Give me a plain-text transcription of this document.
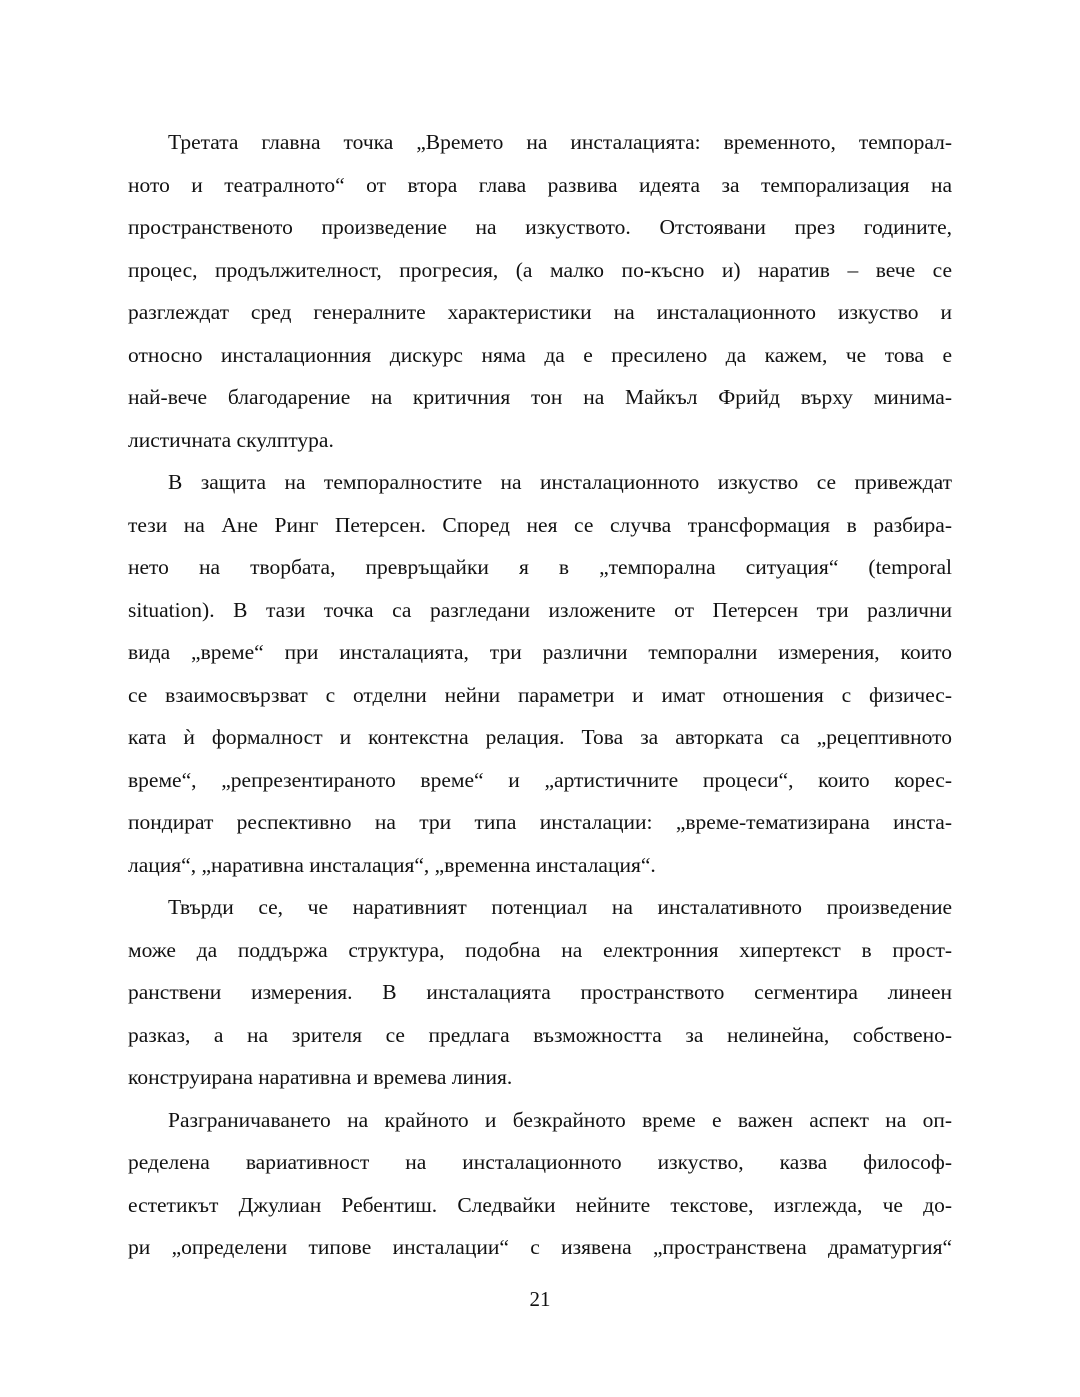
Третата главна точка „Времето на инсталацията: временното, темпорал-
ното и театралното“ от втора глава развива идеята за темпорализация на
пространственото произведение на изкуството. Отстоявани през годините,
процес, продължителност, прогресия, (а малко по-късно и) наратив – вече се
разглеждат сред генералните характеристики на инсталационното изкуство и
относно инсталационния дискурс няма да е пресилено да кажем, че това е
най-вече благодарение на критичния тон на Майкъл Фрийд върху минима-
листичната скулптура.
В защита на темпоралностите на инсталационното изкуство се привеждат
тези на Ане Ринг Петерсен. Според нея се случва трансформация в разбира-
нето на творбата, превръщайки я в „темпорална ситуация“ (temporal
situation). В тази точка са разгледани изложените от Петерсен три различни
вида „време“ при инсталацията, три различни темпорални измерения, които
се взаимосвързват с отделни нейни параметри и имат отношения с физичес-
ката ѝ формалност и контекстна релация. Това за авторката са „рецептивното
време“, „репрезентираното време“ и „артистичните процеси“, които корес-
пондират респективно на три типа инсталации: „време-тематизирана инста-
лация“, „наративна инсталация“, „временна инсталация“.
Твърди се, че наративният потенциал на инсталативното произведение
може да поддържа структура, подобна на електронния хипертекст в прост-
ранствени измерения. В инсталацията пространството сегментира линеен
разказ, а на зрителя се предлага възможността за нелинейна, собствено-
конструирана наративна и времева линия.
Разграничаването на крайното и безкрайното време е важен аспект на оп-
ределена вариативност на инсталационното изкуство, казва философ-
естетикът Джулиан Ребентиш. Следвайки нейните текстове, изглежда, че до-
ри „определени типове инсталации“ с изявена „пространствена драматургия“
21
